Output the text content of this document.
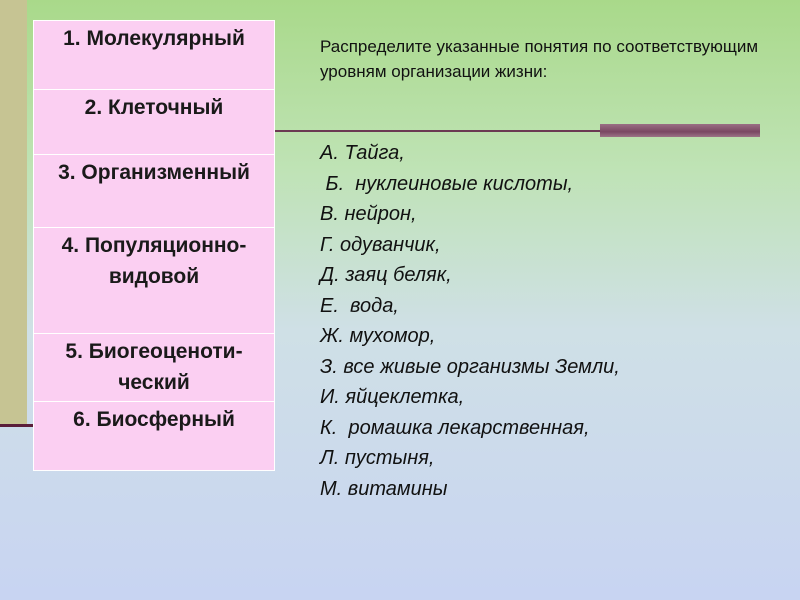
1. Молекулярный
2. Клеточный
3. Организменный
4. Популяционно-видовой
5. Биогеоценоти-ческий
6. Биосферный
Распределите указанные понятия по соответствующим уровням организации жизни:
А. Тайга,
Б.  нуклеиновые кислоты,
В. нейрон,
Г. одуванчик,
Д. заяц беляк,
Е.  вода,
Ж. мухомор,
З. все живые организмы Земли,
И. яйцеклетка,
К.  ромашка лекарственная,
Л. пустыня,
М. витамины
